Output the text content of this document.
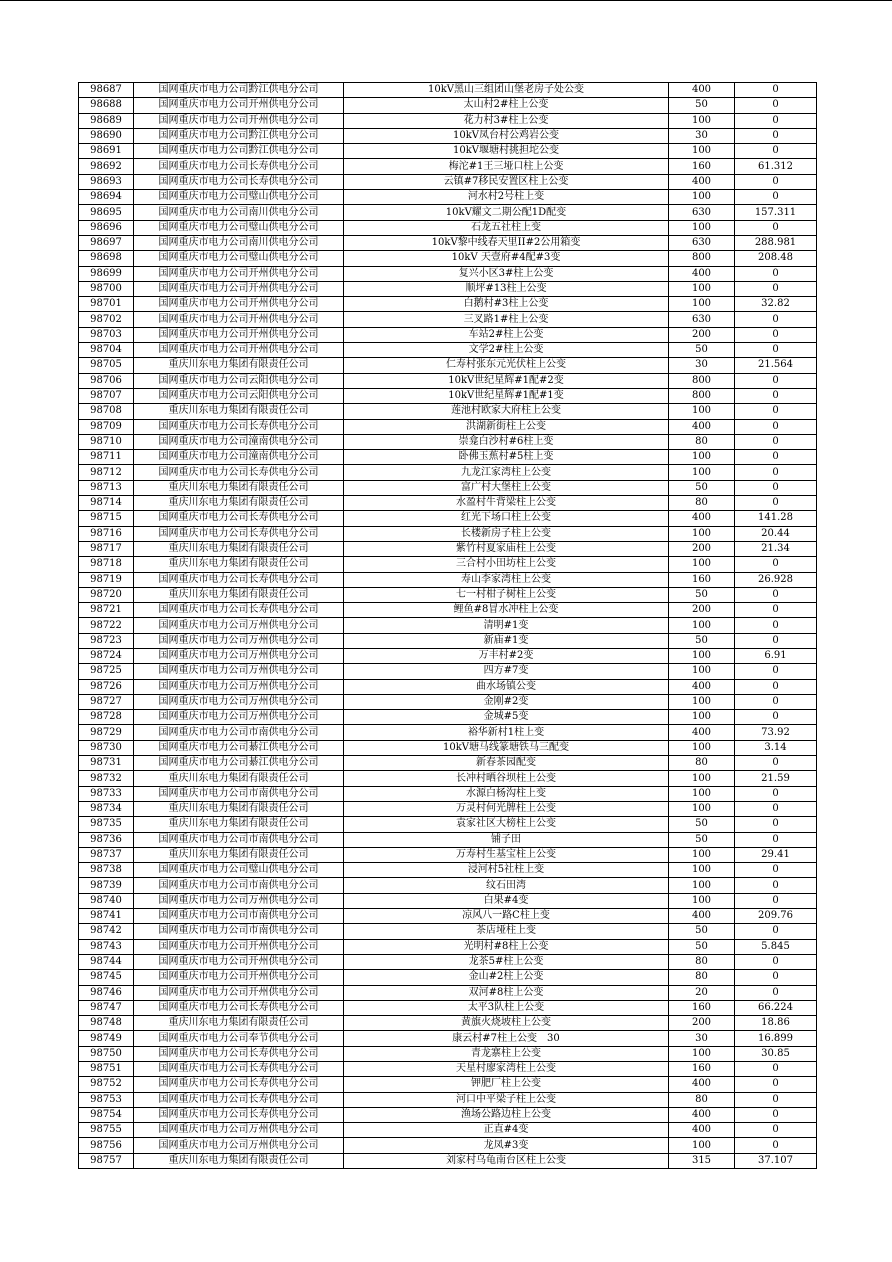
98687	国网重庆市电力公司黔江供电分公司	10kV黑山三组团山堡老房子处公变	400	0
98688	国网重庆市电力公司开州供电分公司	太山村2#柱上公变	50	0
98689	国网重庆市电力公司开州供电分公司	花力村3#柱上公变	100	0
98690	国网重庆市电力公司黔江供电分公司	10kV凤台村公鸡岩公变	30	0
98691	国网重庆市电力公司黔江供电分公司	10kV堰塘村挑担坨公变	100	0
98692	国网重庆市电力公司长寿供电分公司	梅沱#1王三垭口柱上公变	160	61.312
98693	国网重庆市电力公司长寿供电分公司	云镇#7移民安置区柱上公变	400	0
98694	国网重庆市电力公司璧山供电分公司	河水村2号柱上变	100	0
98695	国网重庆市电力公司南川供电分公司	10kV耀文二期公配1D配变	630	157.311
98696	国网重庆市电力公司璧山供电分公司	石龙五社柱上变	100	0
98697	国网重庆市电力公司南川供电分公司	10kV黎中线春天里II#2公用箱变	630	288.981
98698	国网重庆市电力公司璧山供电分公司	10kV 天壹府#4配#3变	800	208.48
98699	国网重庆市电力公司开州供电分公司	复兴小区3#柱上公变	400	0
98700	国网重庆市电力公司开州供电分公司	顺坪#13柱上公变	100	0
98701	国网重庆市电力公司开州供电分公司	白鹅村#3柱上公变	100	32.82
98702	国网重庆市电力公司开州供电分公司	三叉路1#柱上公变	630	0
98703	国网重庆市电力公司开州供电分公司	车站2#柱上公变	200	0
98704	国网重庆市电力公司开州供电分公司	文学2#柱上公变	50	0
98705	重庆川东电力集团有限责任公司	仁寿村张东元光伏柱上公变	30	21.564
98706	国网重庆市电力公司云阳供电分公司	10kV世纪星辉#1配#2变	800	0
98707	国网重庆市电力公司云阳供电分公司	10kV世纪星辉#1配#1变	800	0
98708	重庆川东电力集团有限责任公司	莲池村欧家大府柱上公变	100	0
98709	国网重庆市电力公司长寿供电分公司	洪湖新街柱上公变	400	0
98710	国网重庆市电力公司潼南供电分公司	崇龛白沙村#6柱上变	80	0
98711	国网重庆市电力公司潼南供电分公司	卧佛玉蕉村#5柱上变	100	0
98712	国网重庆市电力公司长寿供电分公司	九龙江家湾柱上公变	100	0
98713	重庆川东电力集团有限责任公司	富广村大堡柱上公变	50	0
98714	重庆川东电力集团有限责任公司	水盈村牛背梁柱上公变	80	0
98715	国网重庆市电力公司长寿供电分公司	红光下场口柱上公变	400	141.28
98716	国网重庆市电力公司长寿供电分公司	长楼新房子柱上公变	100	20.44
98717	重庆川东电力集团有限责任公司	紫竹村夏家庙柱上公变	200	21.34
98718	重庆川东电力集团有限责任公司	三合村小田坊柱上公变	100	0
98719	国网重庆市电力公司长寿供电分公司	寿山李家湾柱上公变	160	26.928
98720	重庆川东电力集团有限责任公司	七一村柑子树柱上公变	50	0
98721	国网重庆市电力公司长寿供电分公司	鲤鱼#8冒水冲柱上公变	200	0
98722	国网重庆市电力公司万州供电分公司	清明#1变	100	0
98723	国网重庆市电力公司万州供电分公司	新庙#1变	50	0
98724	国网重庆市电力公司万州供电分公司	万丰村#2变	100	6.91
98725	国网重庆市电力公司万州供电分公司	四方#7变	100	0
98726	国网重庆市电力公司万州供电分公司	曲水场镇公变	400	0
98727	国网重庆市电力公司万州供电分公司	金刚#2变	100	0
98728	国网重庆市电力公司万州供电分公司	金城#5变	100	0
98729	国网重庆市电力公司市南供电分公司	裕华新村1柱上变	400	73.92
98730	国网重庆市电力公司綦江供电分公司	10kV塘马线篆塘铁马三配变	100	3.14
98731	国网重庆市电力公司綦江供电分公司	新春茶园配变	80	0
98732	重庆川东电力集团有限责任公司	长冲村晒谷坝柱上公变	100	21.59
98733	国网重庆市电力公司市南供电分公司	水源白杨沟柱上变	100	0
98734	重庆川东电力集团有限责任公司	万灵村何光牌柱上公变	100	0
98735	重庆川东电力集团有限责任公司	袁家社区大榜柱上公变	50	0
98736	国网重庆市电力公司市南供电分公司	铺子田	50	0
98737	重庆川东电力集团有限责任公司	万寿村生基宝柱上公变	100	29.41
98738	国网重庆市电力公司璧山供电分公司	浸河村5社柱上变	100	0
98739	国网重庆市电力公司市南供电分公司	纹石田湾	100	0
98740	国网重庆市电力公司万州供电分公司	白果#4变	100	0
98741	国网重庆市电力公司市南供电分公司	凉风八一路C柱上变	400	209.76
98742	国网重庆市电力公司市南供电分公司	茶店垭柱上变	50	0
98743	国网重庆市电力公司开州供电分公司	光明村#8柱上公变	50	5.845
98744	国网重庆市电力公司开州供电分公司	龙茶5#柱上公变	80	0
98745	国网重庆市电力公司开州供电分公司	金山#2柱上公变	80	0
98746	国网重庆市电力公司开州供电分公司	双河#8柱上公变	20	0
98747	国网重庆市电力公司长寿供电分公司	太平3队柱上公变	160	66.224
98748	重庆川东电力集团有限责任公司	黄旗火烧坡柱上公变	200	18.86
98749	国网重庆市电力公司奉节供电分公司	康云村#7柱上公变　30	30	16.899
98750	国网重庆市电力公司长寿供电分公司	青龙寨柱上公变	100	30.85
98751	国网重庆市电力公司长寿供电分公司	天星村廖家湾柱上公变	160	0
98752	国网重庆市电力公司长寿供电分公司	钾肥厂柱上公变	400	0
98753	国网重庆市电力公司长寿供电分公司	河口中平梁子柱上公变	80	0
98754	国网重庆市电力公司长寿供电分公司	渔场公路边柱上公变	400	0
98755	国网重庆市电力公司万州供电分公司	正直#4变	400	0
98756	国网重庆市电力公司万州供电分公司	龙凤#3变	100	0
98757	重庆川东电力集团有限责任公司	刘家村乌龟南台区柱上公变	315	37.107
